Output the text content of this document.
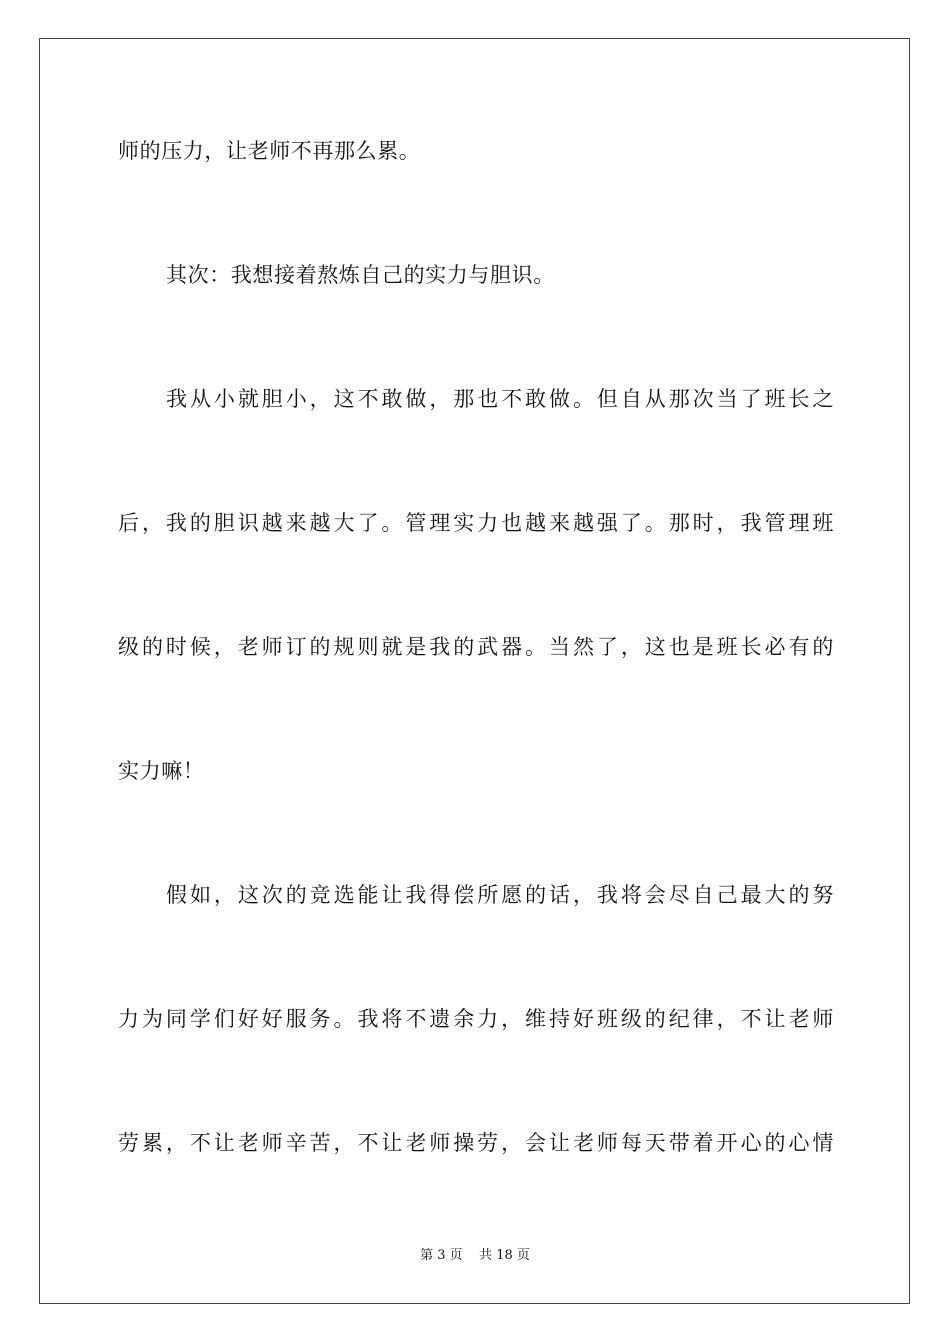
师的压力，让老师不再那么累。
其次：我想接着熬炼自己的实力与胆识。
我从小就胆小，这不敢做，那也不敢做。但自从那次当了班长之
后，我的胆识越来越大了。管理实力也越来越强了。那时，我管理班
级的时候，老师订的规则就是我的武器。当然了，这也是班长必有的
实力嘛！
假如，这次的竞选能让我得偿所愿的话，我将会尽自己最大的努
力为同学们好好服务。我将不遗余力，维持好班级的纪律，不让老师
劳累，不让老师辛苦，不让老师操劳，会让老师每天带着开心的心情
第 3 页    共 18 页
